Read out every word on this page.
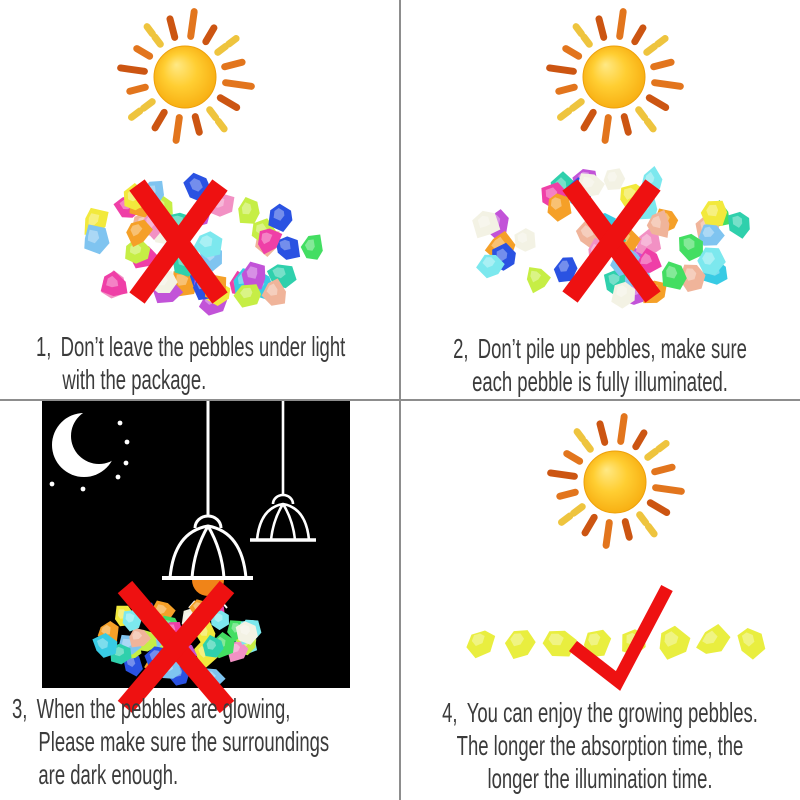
1, Don’t leave the pebbles under light
with the package.
2, Don’t pile up pebbles, make sure
each pebble is fully illuminated.
3, When the pebbles are glowing,
Please make sure the surroundings
are dark enough.
4, You can enjoy the growing pebbles.
The longer the absorption time, the
longer the illumination time.
